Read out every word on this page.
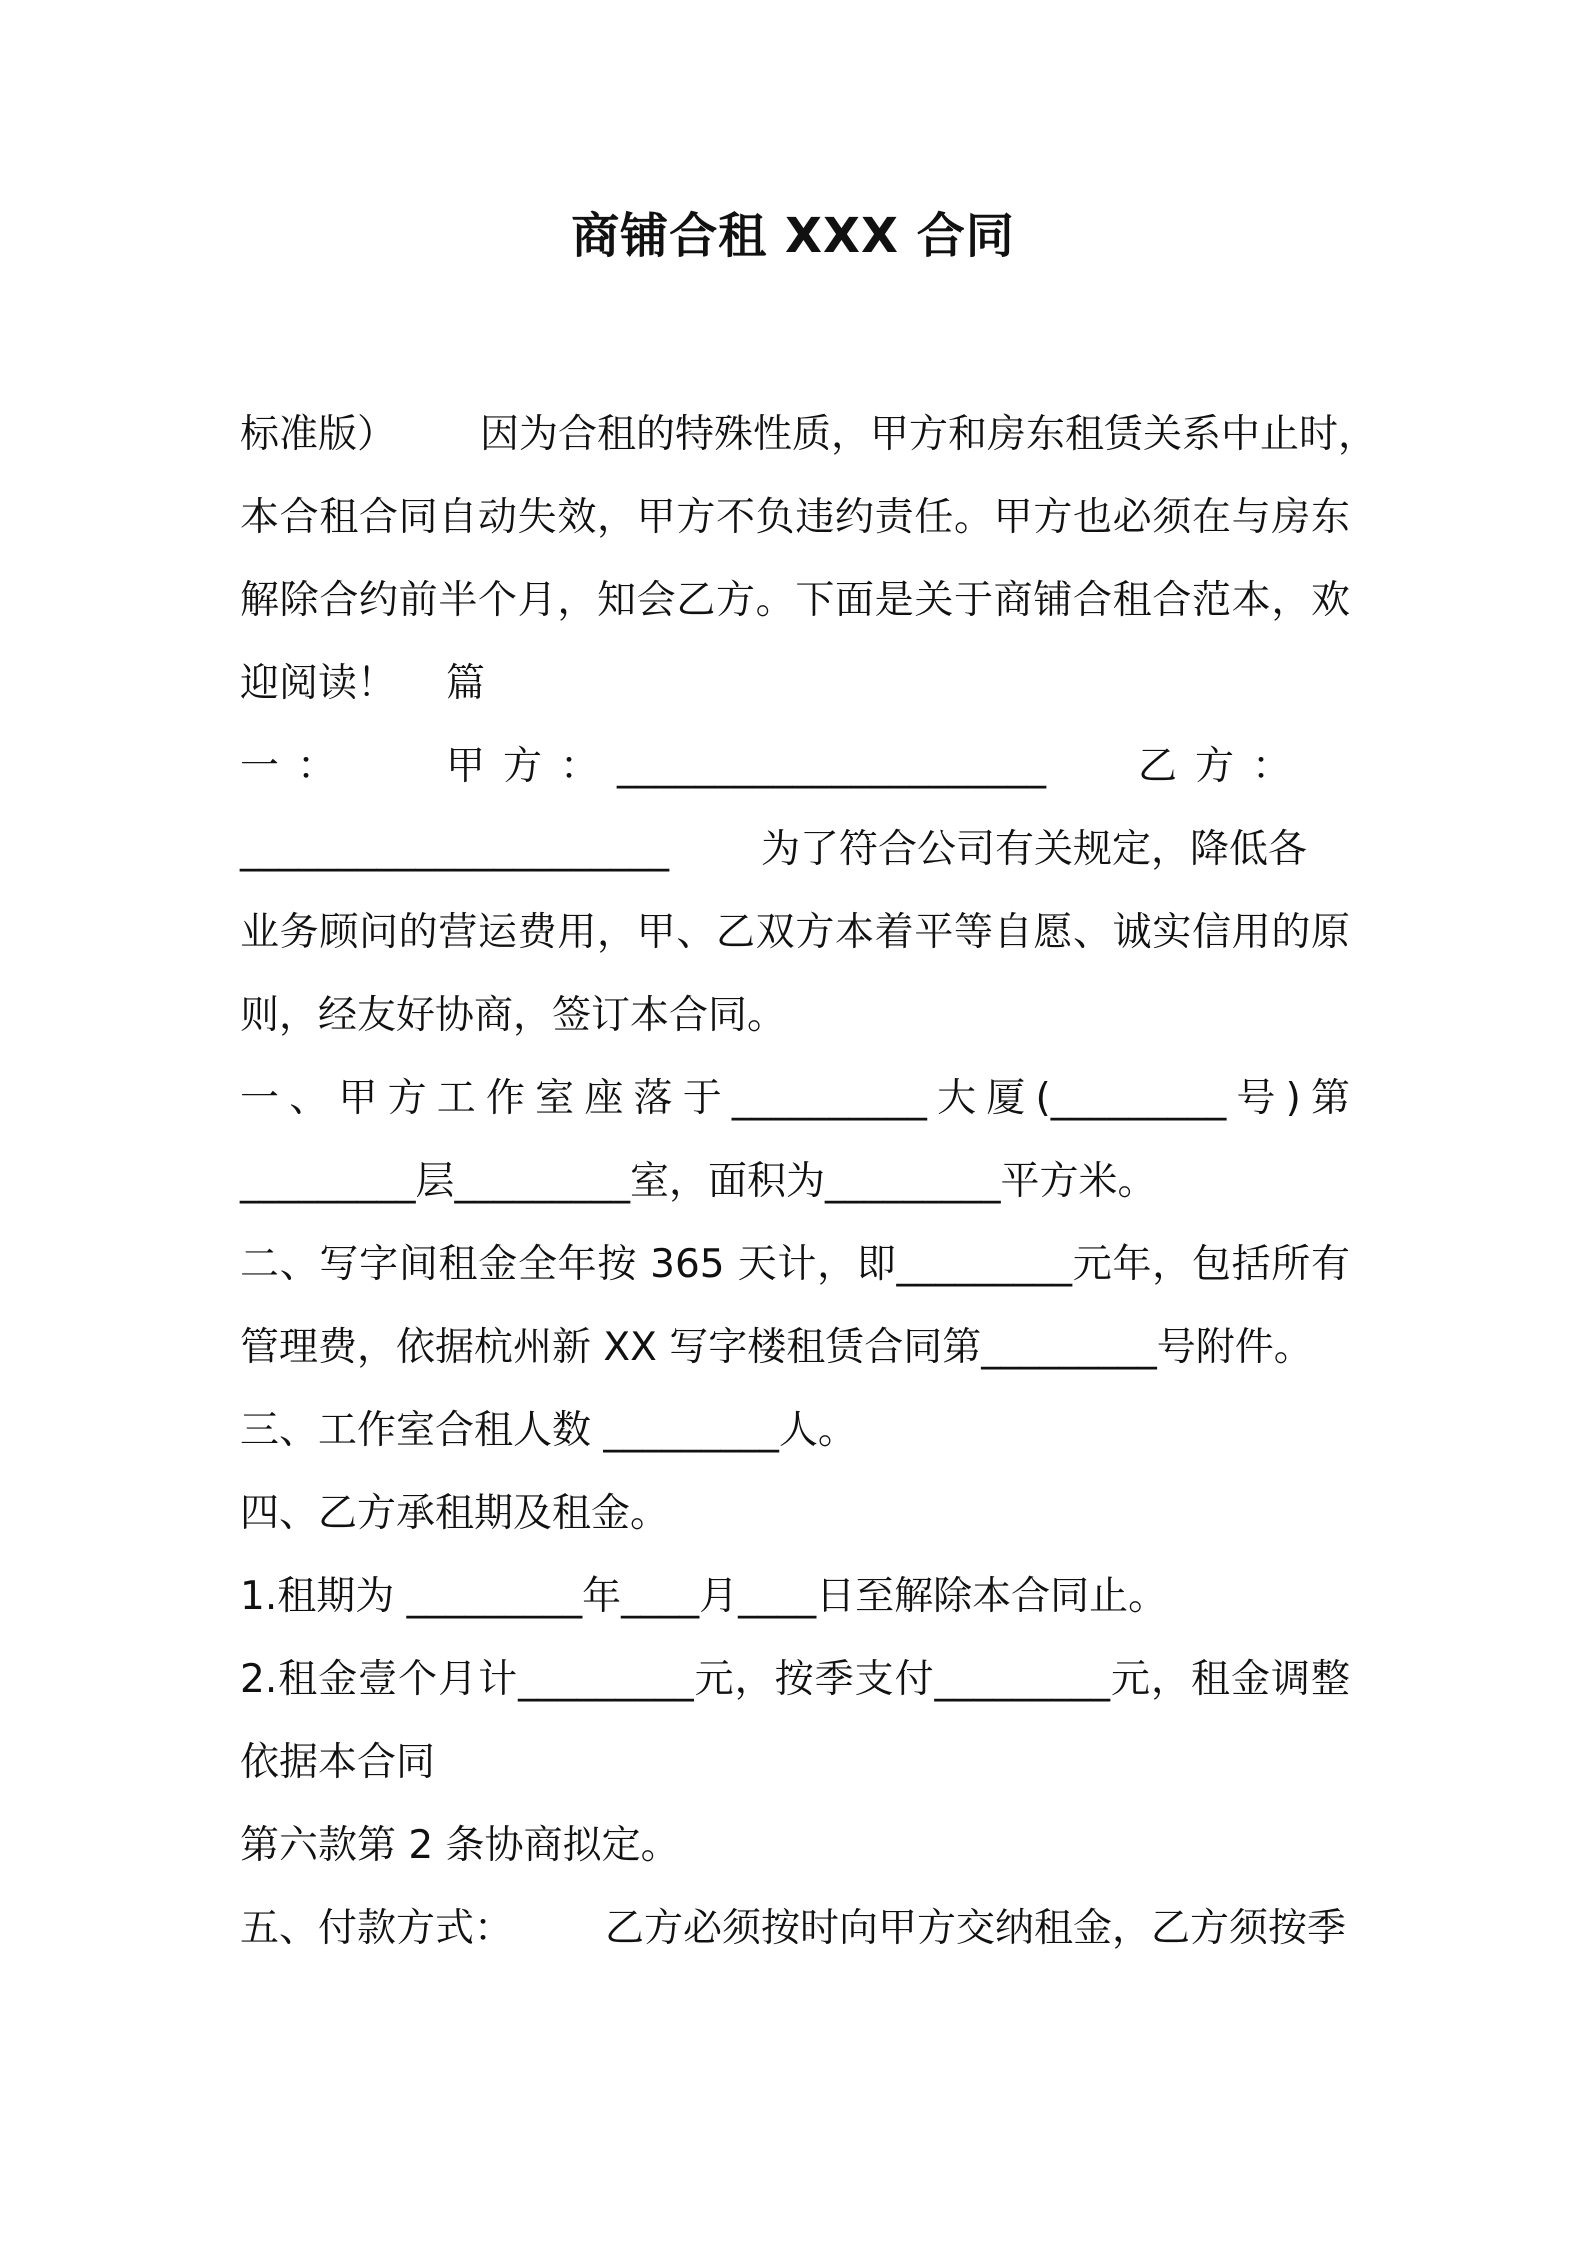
商铺合租 XXX 合同
标准版） 因为合租的特殊性质，甲方和房东租赁关系中止时，
本合租合同自动失效，甲方不负违约责任。甲方也必须在与房东
解除合约前半个月，知会乙方。下面是关于商铺合租合范本，欢
迎阅读！ 篇
一： 甲方：______________________ 乙方：
______________________ 为了符合公司有关规定，降低各
业务顾问的营运费用，甲、乙双方本着平等自愿、诚实信用的原
则，经友好协商，签订本合同。
一、甲方工作室座落于__________大厦(_________号)第
_________层_________室，面积为_________平方米。
二、写字间租金全年按 365 天计，即_________元年，包括所有
管理费，依据杭州新 XX 写字楼租赁合同第_________号附件。
三、工作室合租人数 _________人。
四、乙方承租期及租金。
1.租期为 _________年____月____日至解除本合同止。
2.租金壹个月计_________元，按季支付_________元，租金调整
依据本合同
第六款第 2 条协商拟定。
五、付款方式： 乙方必须按时向甲方交纳租金，乙方须按季
